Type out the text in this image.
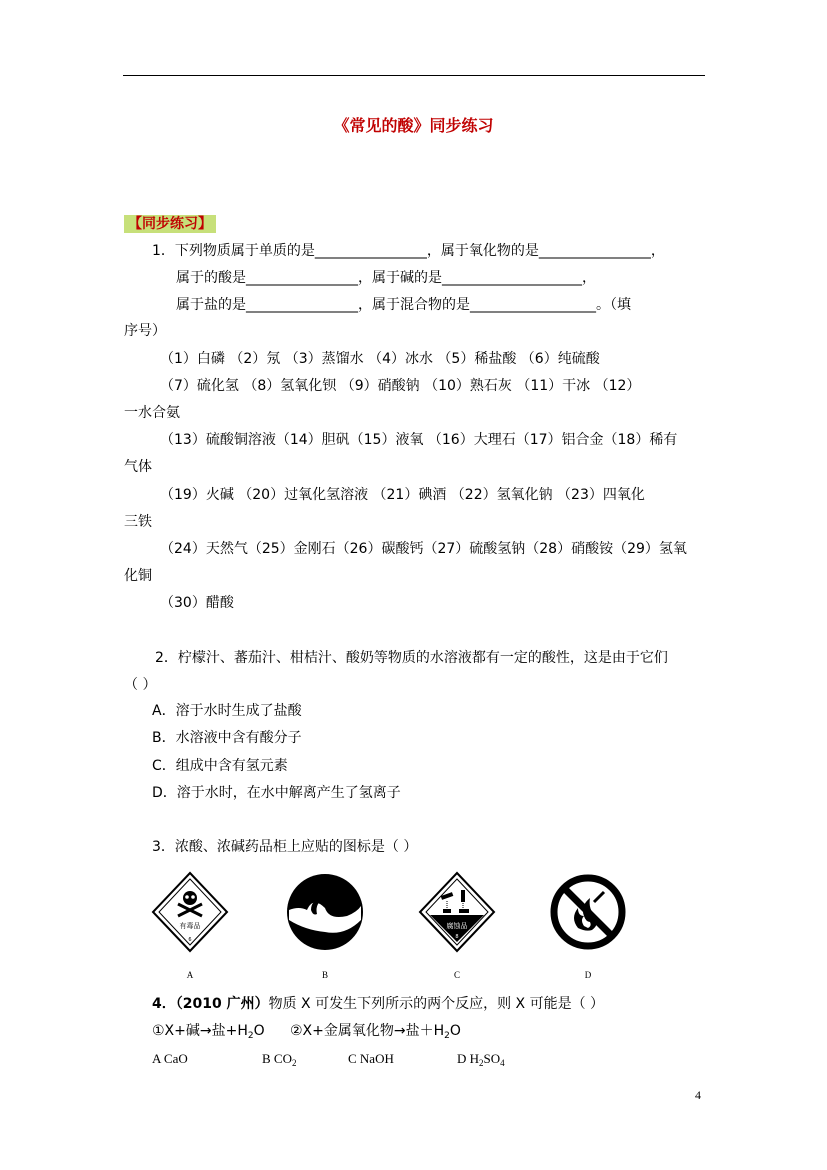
《常见的酸》同步练习
【同步练习】
1．下列物质属于单质的是________________，属于氧化物的是________________，
属于的酸是________________，属于碱的是____________________，
属于盐的是________________，属于混合物的是__________________。（填
序号）
（1）白磷 （2）氖 （3）蒸馏水 （4）冰水 （5）稀盐酸 （6）纯硫酸
（7）硫化氢 （8）氢氧化钡 （9）硝酸钠 （10）熟石灰 （11）干冰 （12）
一水合氨
（13）硫酸铜溶液（14）胆矾（15）液氧 （16）大理石（17）铝合金（18）稀有
气体
（19）火碱 （20）过氧化氢溶液 （21）碘酒 （22）氢氧化钠 （23）四氧化
三铁
（24）天然气（25）金刚石（26）碳酸钙（27）硫酸氢钠（28）硝酸铵（29）氢氧
化铜
（30）醋酸
2．柠檬汁、蕃茄汁、柑桔汁、酸奶等物质的水溶液都有一定的酸性，这是由于它们
（ ）
A．溶于水时生成了盐酸
B．水溶液中含有酸分子
C．组成中含有氢元素
D．溶于水时，在水中解离产生了氢离子
3．浓酸、浓碱药品柜上应贴的图标是（ ）
有毒品
6
A	B
腐蚀品
8
C	D
4．（2010 广州）物质 X 可发生下列所示的两个反应，则 X 可能是（ ）
①X+碱→盐$+H_2O$ ②X+金属氧化物→盐$+H_2O$
A CaO	B $CO_2$	C NaOH	D $H_2SO_4$
4
